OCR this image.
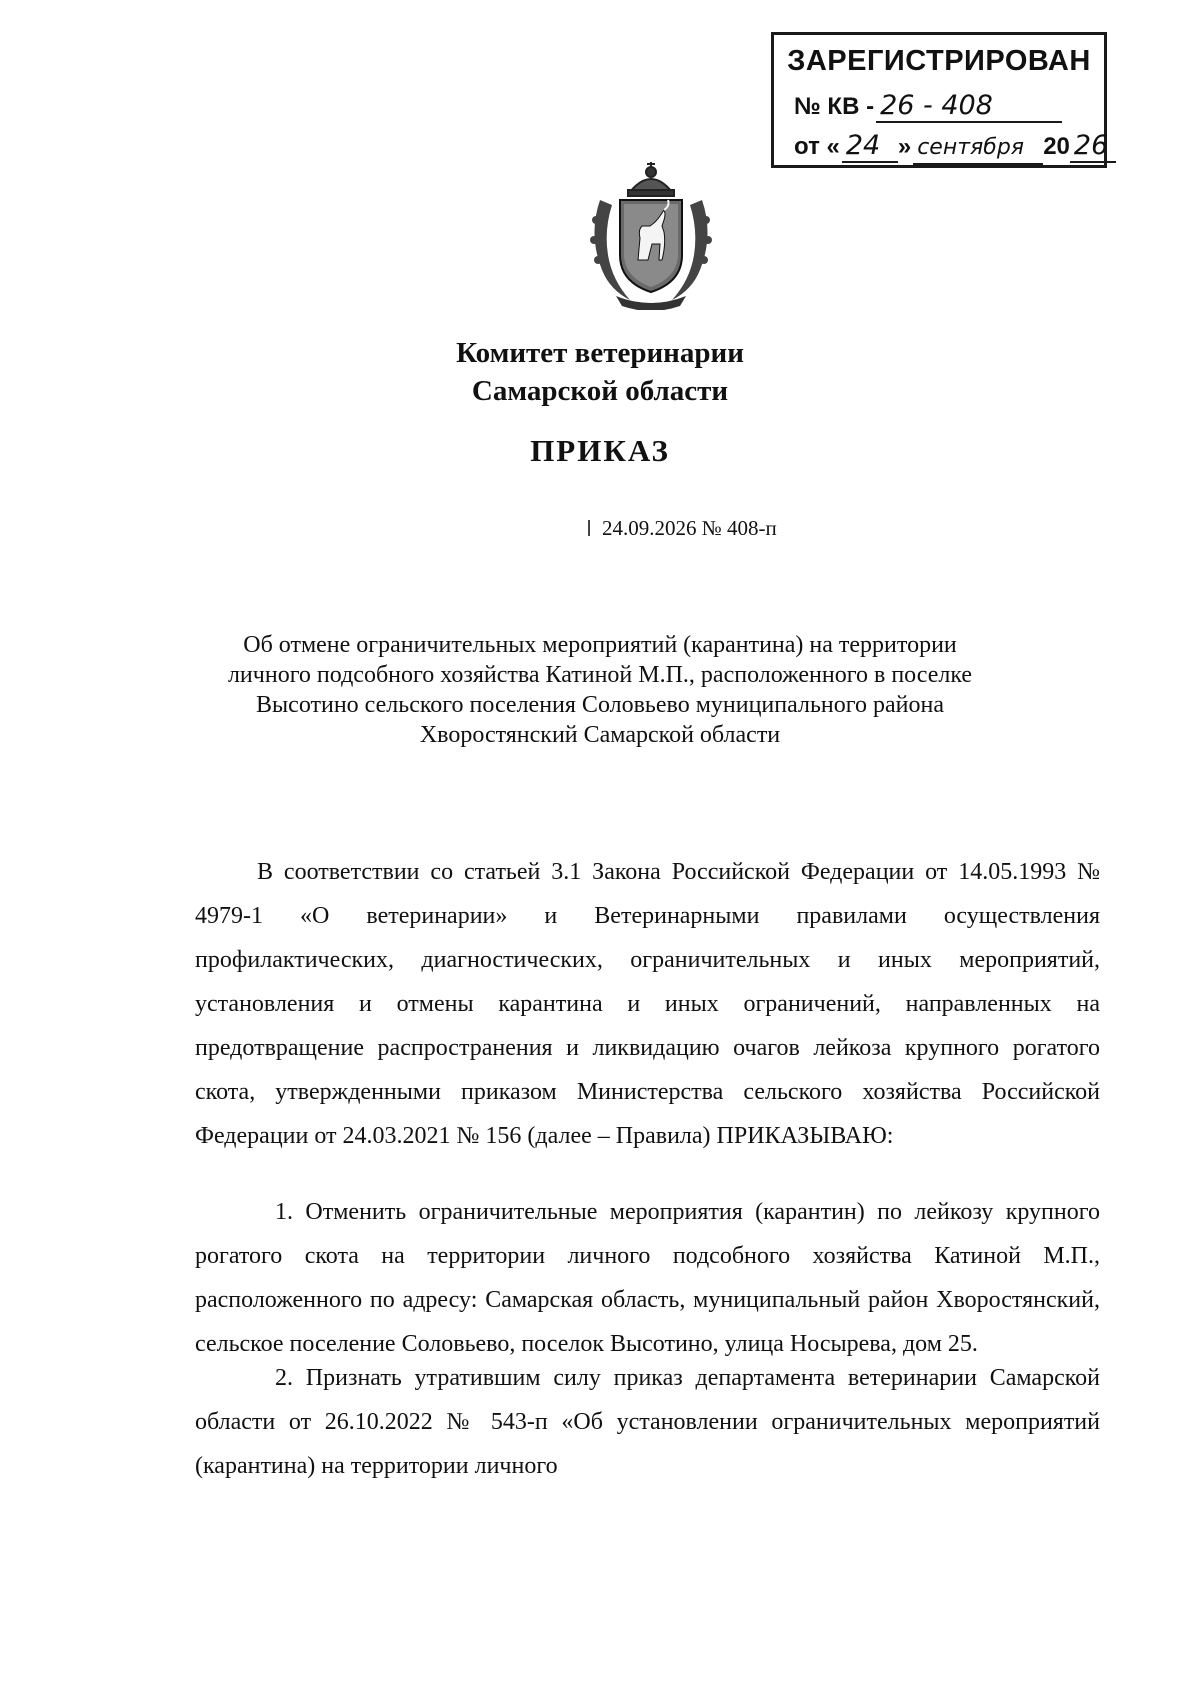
ЗАРЕГИСТРИРОВАН
№ КВ - 26 - 408
от « 24 » сентября 20 26
Комитет ветеринарии
Самарской области
ПРИКАЗ
24.09.2026 № 408-п
Об отмене ограничительных мероприятий (карантина) на территории
личного подсобного хозяйства Катиной М.П., расположенного в поселке
Высотино сельского поселения Соловьево муниципального района
Хворостянский Самарской области

В соответствии со статьей 3.1 Закона Российской Федерации от 14.05.1993 № 4979-1 «О ветеринарии» и Ветеринарными правилами осуществления профилактических, диагностических, ограничительных и иных мероприятий, установления и отмены карантина и иных ограничений, направленных на предотвращение распространения и ликвидацию очагов лейкоза крупного рогатого скота, утвержденными приказом Министерства сельского хозяйства Российской Федерации от 24.03.2021 № 156 (далее – Правила) ПРИКАЗЫВАЮ:

1. Отменить ограничительные мероприятия (карантин) по лейкозу крупного рогатого скота на территории личного подсобного хозяйства Катиной М.П., расположенного по адресу: Самарская область, муниципальный район Хворостянский, сельское поселение Соловьево, поселок Высотино, улица Носырева, дом 25.

2. Признать утратившим силу приказ департамента ветеринарии Самарской области от 26.10.2022 № 543-п «Об установлении ограничительных мероприятий (карантина) на территории личного
